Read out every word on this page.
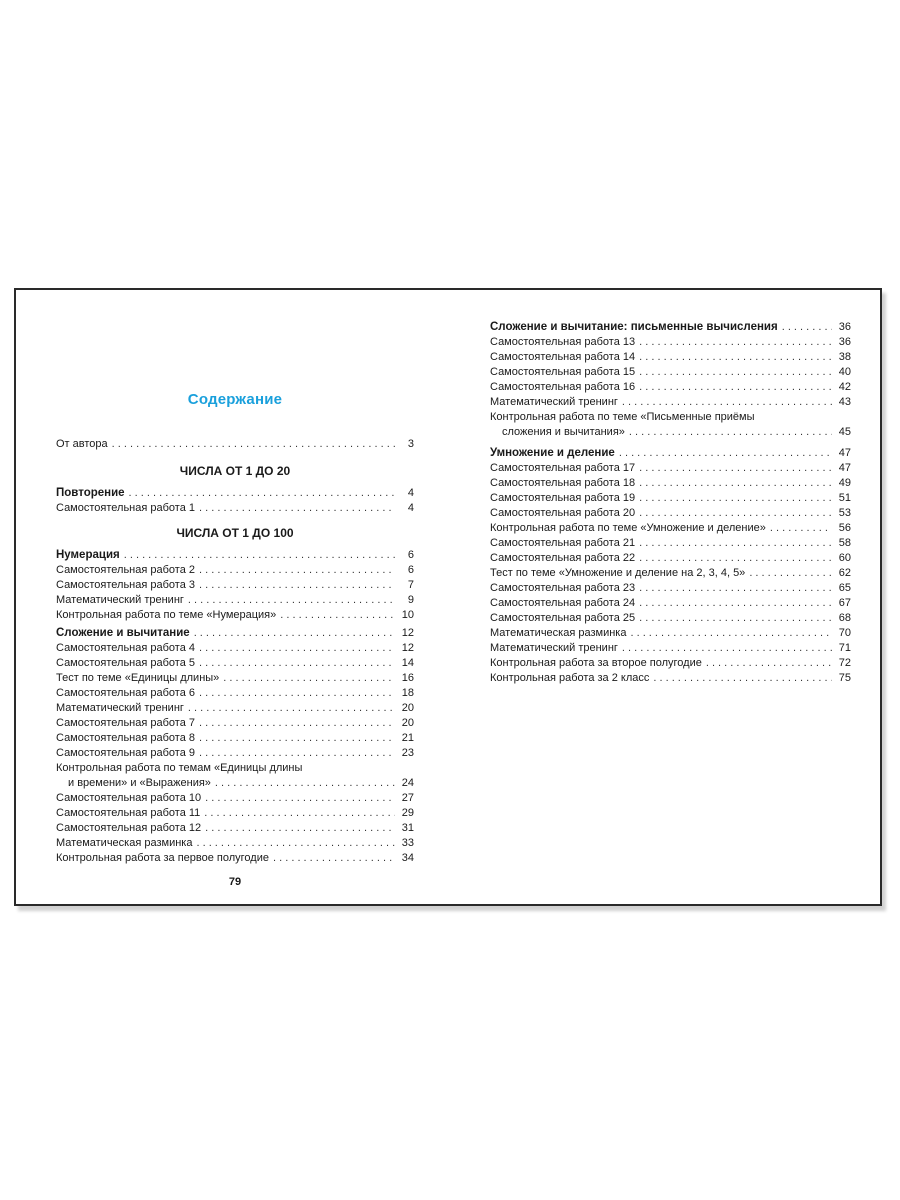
Содержание
От автора . . .	3
ЧИСЛА ОТ 1 ДО 20
Повторение . . .	4
Самостоятельная работа 1 . . .	4
ЧИСЛА ОТ 1 ДО 100
Нумерация . . .	6
Самостоятельная работа 2 . . .	6
Самостоятельная работа 3 . . .	7
Математический тренинг . . .	9
Контрольная работа по теме «Нумерация» . . .	10
Сложение и вычитание . . .	12
Самостоятельная работа 4 . . .	12
Самостоятельная работа 5 . . .	14
Тест по теме «Единицы длины» . . .	16
Самостоятельная работа 6 . . .	18
Математический тренинг . . .	20
Самостоятельная работа 7 . . .	20
Самостоятельная работа 8 . . .	21
Самостоятельная работа 9 . . .	23
Контрольная работа по темам «Единицы длины
и времени» и «Выражения» . . .	24
Самостоятельная работа 10 . . .	27
Самостоятельная работа 11 . . .	29
Самостоятельная работа 12 . . .	31
Математическая разминка . . .	33
Контрольная работа за первое полугодие . . .	34
79
Сложение и вычитание: письменные вычисления . . .	36
Самостоятельная работа 13 . . .	36
Самостоятельная работа 14 . . .	38
Самостоятельная работа 15 . . .	40
Самостоятельная работа 16 . . .	42
Математический тренинг . . .	43
Контрольная работа по теме «Письменные приёмы
сложения и вычитания» . . .	45
Умножение и деление . . .	47
Самостоятельная работа 17 . . .	47
Самостоятельная работа 18 . . .	49
Самостоятельная работа 19 . . .	51
Самостоятельная работа 20 . . .	53
Контрольная работа по теме «Умножение и деление» . . .	56
Самостоятельная работа 21 . . .	58
Самостоятельная работа 22 . . .	60
Тест по теме «Умножение и деление на 2, 3, 4, 5» . . .	62
Самостоятельная работа 23 . . .	65
Самостоятельная работа 24 . . .	67
Самостоятельная работа 25 . . .	68
Математическая разминка . . .	70
Математический тренинг . . .	71
Контрольная работа за второе полугодие . . .	72
Контрольная работа за 2 класс . . .	75
